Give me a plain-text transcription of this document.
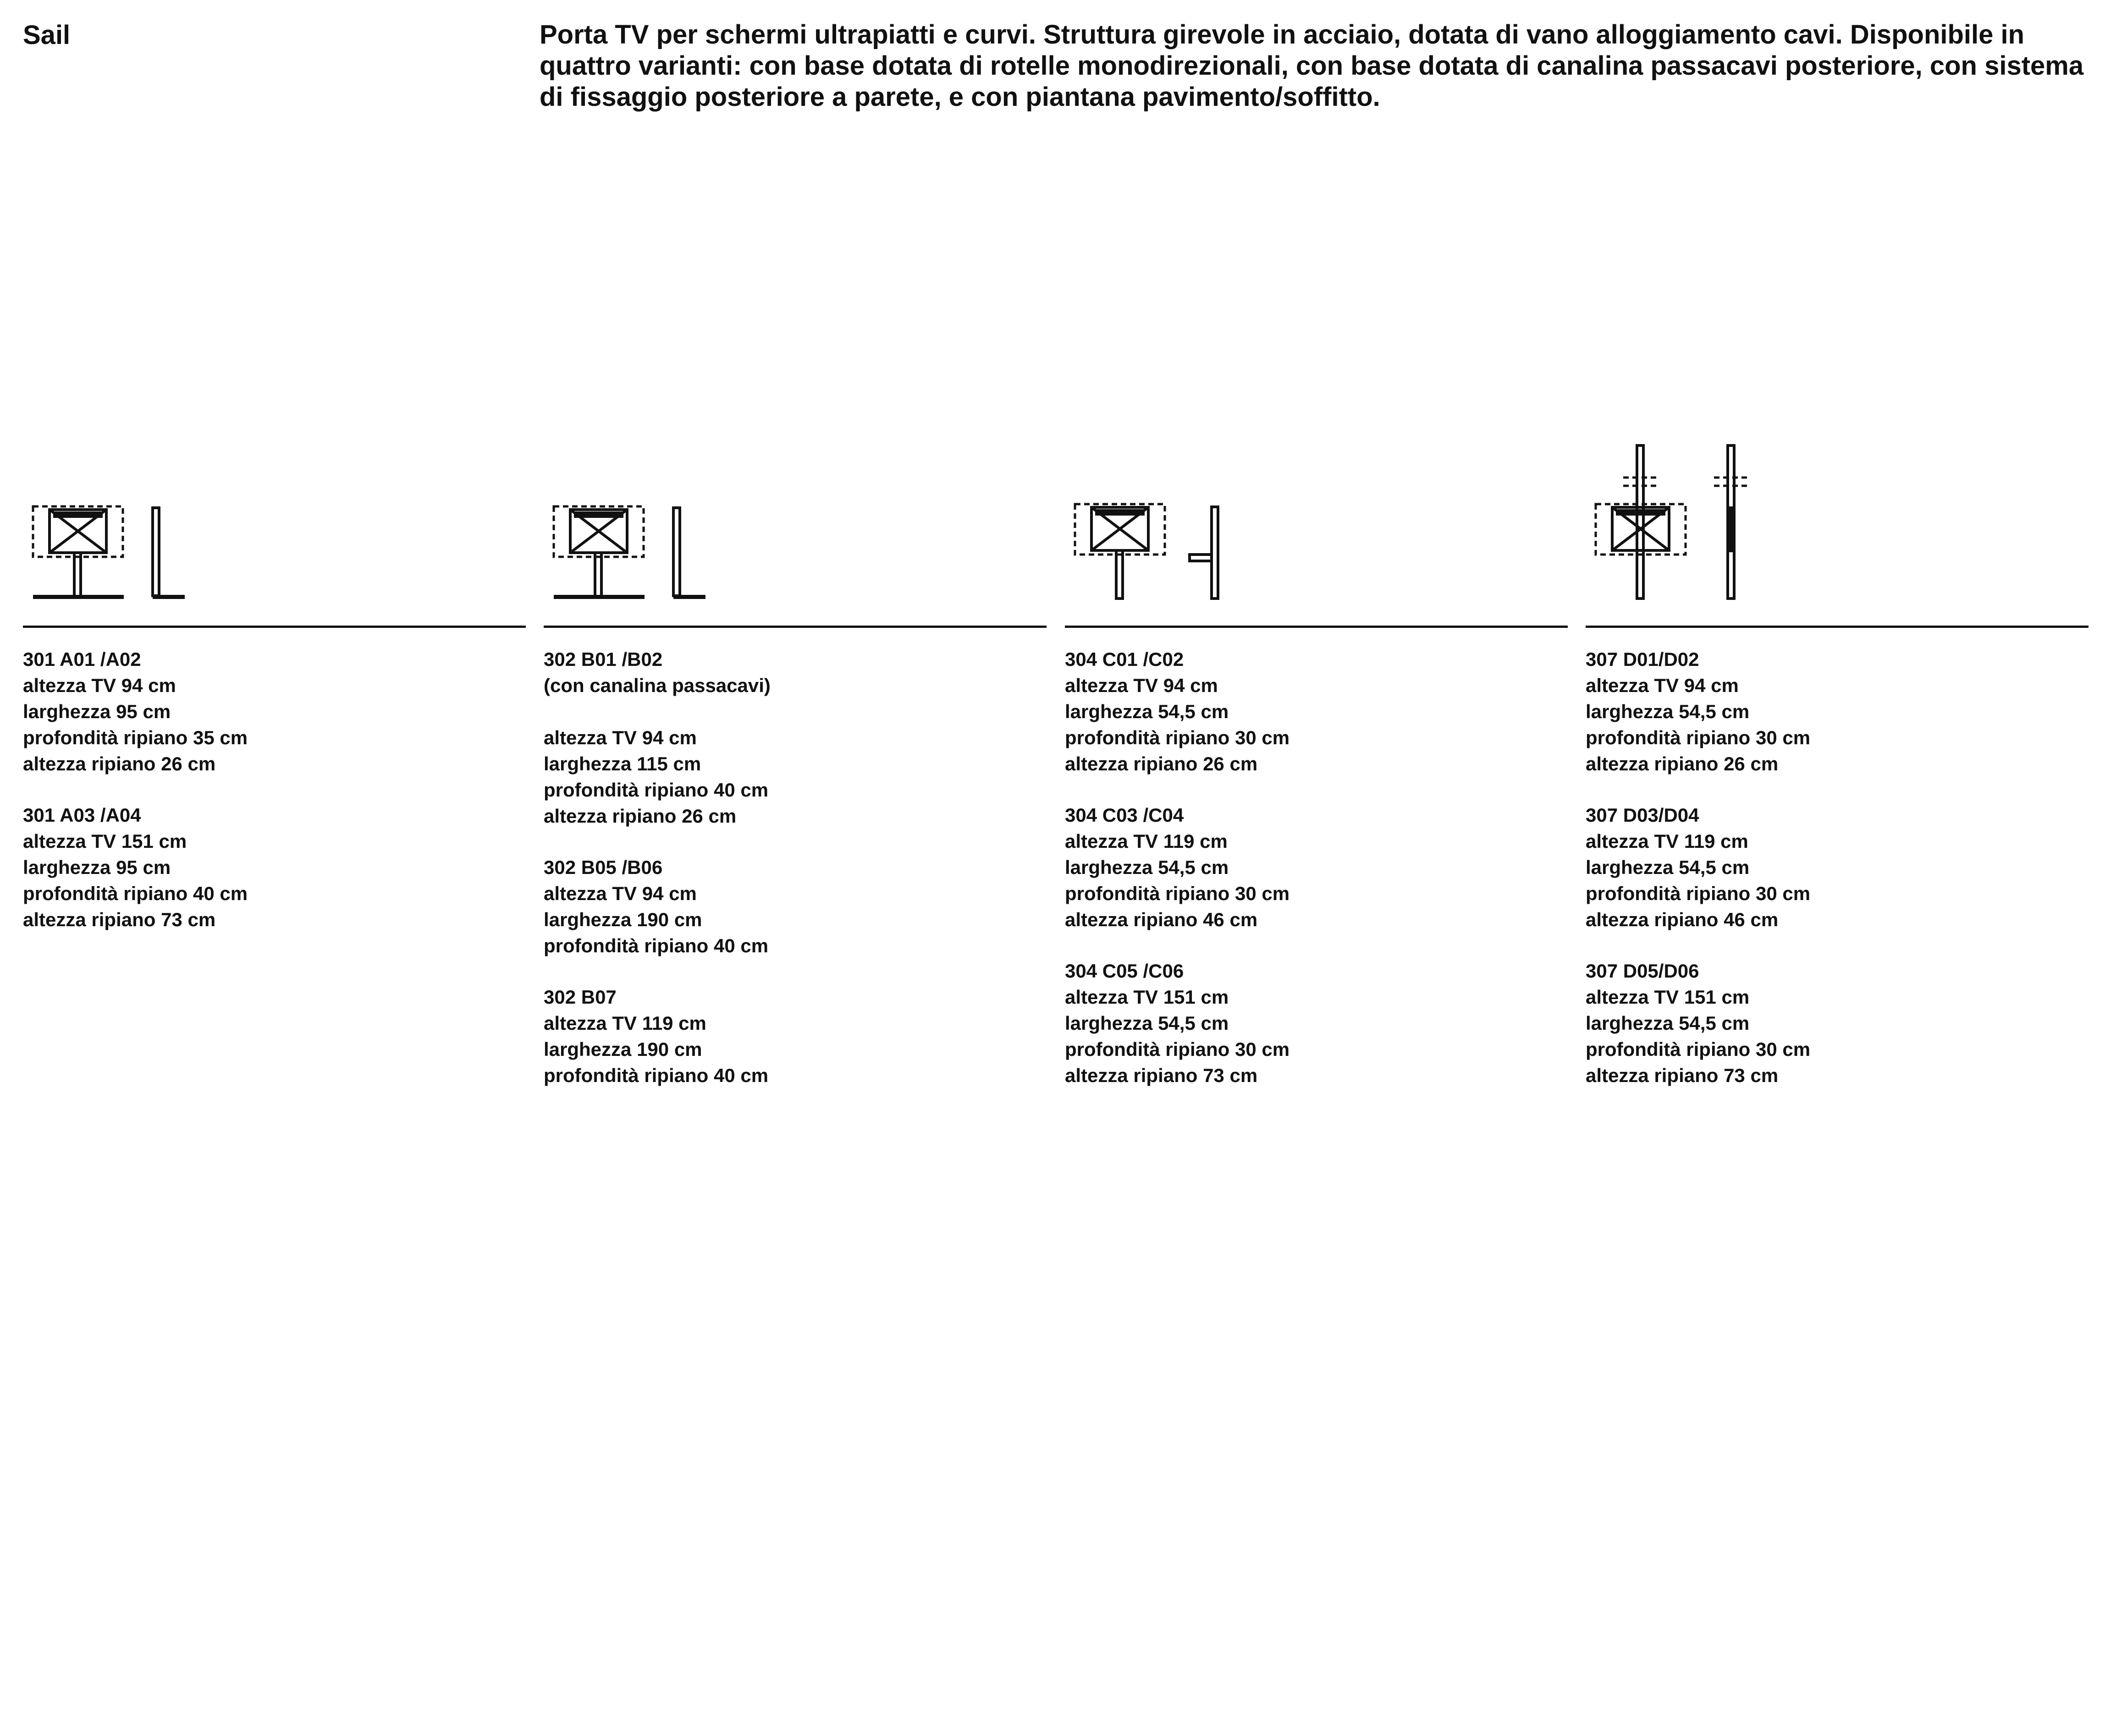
Sail	Porta TV per schermi ultrapiatti e curvi. Struttura girevole in acciaio, dotata di vano alloggiamento cavi. Disponibile in quattro varianti: con base dotata di rotelle monodirezionali, con base dotata di canalina passacavi posteriore, con sistema di fissaggio posteriore a parete, e con piantana pavimento/soffitto.

301 A01 /A02
altezza TV 94 cm
larghezza 95 cm
profondità ripiano 35 cm
altezza ripiano 26 cm
301 A03 /A04
altezza TV 151 cm
larghezza 95 cm
profondità ripiano 40 cm
altezza ripiano 73 cm
302 B01 /B02
(con canalina passacavi)
altezza TV 94 cm
larghezza 115 cm
profondità ripiano 40 cm
altezza ripiano 26 cm
302 B05 /B06
altezza TV 94 cm
larghezza 190 cm
profondità ripiano 40 cm
302 B07
altezza TV 119 cm
larghezza 190 cm
profondità ripiano 40 cm
304 C01 /C02
altezza TV 94 cm
larghezza 54,5 cm
profondità ripiano 30 cm
altezza ripiano 26 cm
304 C03 /C04
altezza TV 119 cm
larghezza 54,5 cm
profondità ripiano 30 cm
altezza ripiano 46 cm
304 C05 /C06
altezza TV 151 cm
larghezza 54,5 cm
profondità ripiano 30 cm
altezza ripiano 73 cm
307 D01/D02
altezza TV 94 cm
larghezza 54,5 cm
profondità ripiano 30 cm
altezza ripiano 26 cm
307 D03/D04
altezza TV 119 cm
larghezza 54,5 cm
profondità ripiano 30 cm
altezza ripiano 46 cm
307 D05/D06
altezza TV 151 cm
larghezza 54,5 cm
profondità ripiano 30 cm
altezza ripiano 73 cm
